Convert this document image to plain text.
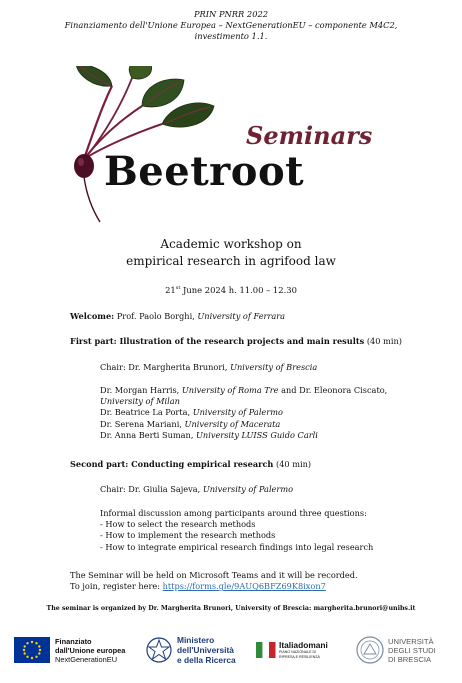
PRIN PNRR 2022
Finanziamento dell'Unione Europea – NextGenerationEU – componente M4C2,
investimento 1.1.
Seminars
Beetroot
Academic workshop on
empirical research in agrifood law
21st June 2024 h. 11.00 – 12.30
Welcome: Prof. Paolo Borghi, University of Ferrara
First part: Illustration of the research projects and main results (40 min)
Chair: Dr. Margherita Brunori, University of Brescia
Dr. Morgan Harris, University of Roma Tre and Dr. Eleonora Ciscato, University of Milan
Dr. Beatrice La Porta, University of Palermo
Dr. Serena Mariani, University of Macerata
Dr. Anna Berti Suman, University LUISS Guido Carli
Second part: Conducting empirical research (40 min)
Chair: Dr. Giulia Sajeva, University of Palermo
Informal discussion among participants around three questions:
- How to select the research methods
- How to implement the research methods
- How to integrate empirical research findings into legal research
The Seminar will be held on Microsoft Teams and it will be recorded.
To join, register here: https://forms.gle/9AUQ6BFZ69K8ixon7
The seminar is organized by Dr. Margherita Brunori, University of Brescia: margherita.brunori@unibs.it
Finanziato
dall'Unione europea
NextGenerationEU
Ministero
dell'Università
e della Ricerca
Italiadomani
PIANO NAZIONALE DI RIPRESA E RESILIENZA
UNIVERSITÀ
DEGLI STUDI
DI BRESCIA
